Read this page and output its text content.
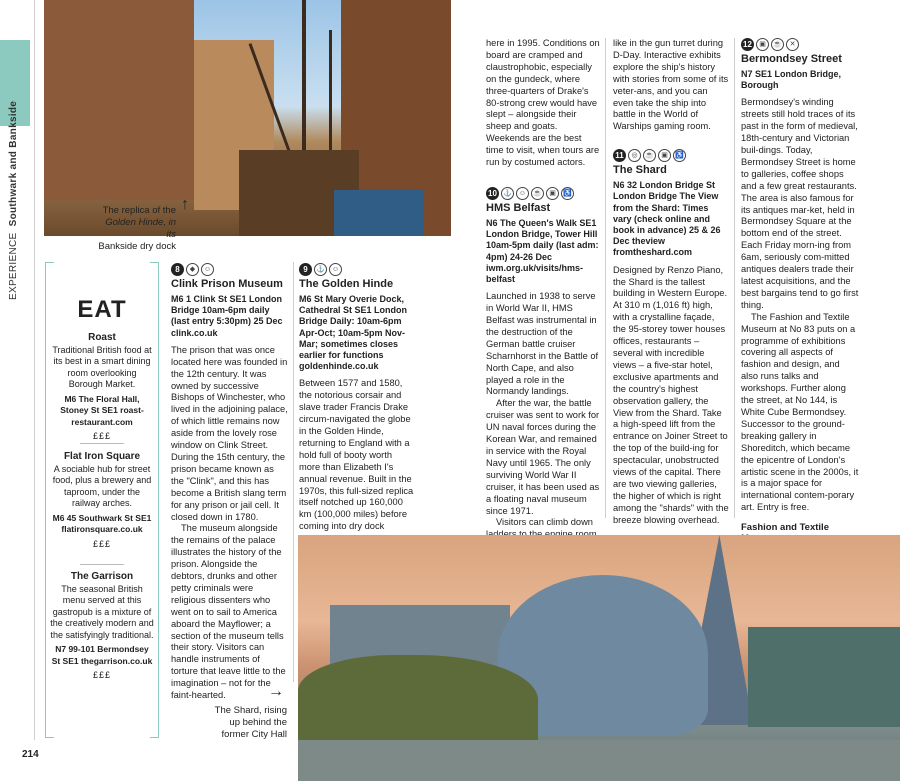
EXPERIENCE  Southwark and Bankside	The replica of the
Golden Hinde, in its
Bankside dry dock
↑
EAT
Roast
Traditional British food at its best in a smart dining room overlooking Borough Market.
M6 The Floral Hall, Stoney St SE1 roast-restaurant.com
£££
Flat Iron Square
A sociable hub for street food, plus a brewery and taproom, under the railway arches.
M6 45 Southwark St SE1 flatironsquare.co.uk
£££
The Garrison
The seasonal British menu served at this gastropub is a mixture of the creatively modern and the satisfyingly traditional.
N7 99-101 Bermondsey St SE1 thegarrison.co.uk
£££
8	◆	☺
Clink Prison Museum
M6 1 Clink St SE1 London Bridge 10am-6pm daily (last entry 5:30pm) 25 Dec clink.co.uk

The prison that was once located here was founded in the 12th century. It was owned by successive Bishops of Winchester, who lived in the adjoining palace, of which little remains now aside from the lovely rose window on Clink Street. During the 15th century, the prison became known as the "Clink", and this has become a British slang term for any prison or jail cell. It closed down in 1780.

The museum alongside the remains of the palace illustrates the history of the prison. Alongside the debtors, drunks and other petty criminals were religious dissenters who went on to sail to America aboard the Mayflower; a section of the museum tells their story. Visitors can handle instruments of torture that leave little to the imagination – not for the faint-hearted.

9	⚓	☺
The Golden Hinde
M6 St Mary Overie Dock, Cathedral St SE1 London Bridge Daily: 10am-6pm Apr-Oct; 10am-5pm Nov-Mar; sometimes closes earlier for functions goldenhinde.co.uk

Between 1577 and 1580, the notorious corsair and slave trader Francis Drake circum-navigated the globe in the Golden Hinde, returning to England with a hold full of booty worth more than Elizabeth I's annual revenue. Built in the 1970s, this full-sized replica itself notched up 160,000 km (100,000 miles) before coming into dry dock

here in 1995. Conditions on board are cramped and claustrophobic, especially on the gundeck, where three-quarters of Drake's 80-strong crew would have slept – alongside their sheep and goats. Weekends are the best time to visit, when tours are run by costumed actors.

10 ⚓	☺	☕	▣	♿
HMS Belfast
N6 The Queen's Walk SE1 London Bridge, Tower Hill 10am-5pm daily (last adm: 4pm) 24-26 Dec iwm.org.uk/visits/hms-belfast

Launched in 1938 to serve in World War II, HMS Belfast was instrumental in the destruction of the German battle cruiser Scharnhorst in the Battle of North Cape, and also played a role in the Normandy landings.

After the war, the battle cruiser was sent to work for UN naval forces during the Korean War, and remained in service with the Royal Navy until 1965. The only surviving World War II cruiser, it has been used as a floating naval museum since 1971.

Visitors can climb down

like in the gun turret during D-Day. Interactive exhibits explore the ship's history with stories from some of its veter-ans, and you can even take the ship into battle in the World of Warships gaming room.

11	◎	☕	▣	♿
The Shard
N6 32 London Bridge St London Bridge The View from the Shard: Times vary (check online and book in advance) 25 & 26 Dec theview fromtheshard.com

Designed by Renzo Piano, the Shard is the tallest building in Western Europe. At 310 m (1,016 ft) high, with a crystalline façade, the 95-storey tower houses offices, restaurants – several with incredible views – a five-star hotel, exclusive apartments and the country's highest observation gallery, the View from the Shard. Take a high-speed lift from the entrance on Joiner Street to the top of the build-ing for spectacular, unobstructed views of the capital. There are two viewing galleries, the higher of which is right among the "shards" with the breeze blowing overhead.

12	▣	☕	✕
Bermondsey Street
N7 SE1 London Bridge, Borough

Bermondsey's winding streets still hold traces of its past in the form of medieval, 18th-century and Victorian buil-dings. Today, Bermondsey Street is home to galleries, coffee shops and a few great restaurants. The area is also famous for its antiques mar-ket, held in Bermondsey Square at the bottom end of the street. Each Friday morn-ing from 6am, seriously com-mitted antiques dealers trade their latest acquisitions, and the best bargains tend to go first thing.

The Fashion and Textile Museum at No 83 puts on a programme of exhibitions covering all aspects of fashion and design, and also runs talks and workshops. Further along the street, at No 144, is White Cube Bermondsey. Successor to the ground-breaking gallery in Shoreditch, which became the epicentre of London's artistic scene in the 2000s, it is a major space for international contem-porary art. Entry is free.

Fashion and Textile
→
The Shard, rising
up behind the
former City Hall
214
